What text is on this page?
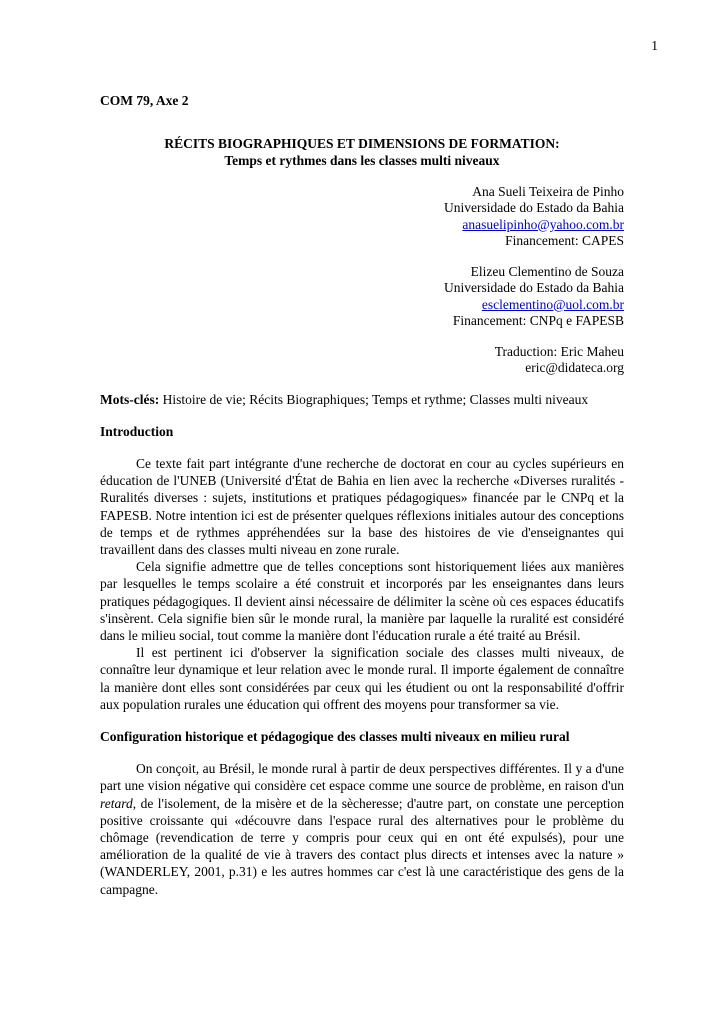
1

COM 79, Axe 2

RÉCITS BIOGRAPHIQUES ET DIMENSIONS DE FORMATION:

Temps et rythmes dans les classes multi niveaux

Ana Sueli Teixeira de Pinho

Universidade do Estado da Bahia

anasuelipinho@yahoo.com.br

Financement: CAPES

Elizeu Clementino de Souza

Universidade do Estado da Bahia

esclementino@uol.com.br

Financement: CNPq e FAPESB

Traduction: Eric Maheu

eric@didateca.org

Mots-clés: Histoire de vie; Récits Biographiques; Temps et rythme; Classes multi niveaux

Introduction

Ce texte fait part intégrante d'une recherche de doctorat en cour au cycles supérieurs en éducation de l'UNEB (Université d'État de Bahia en lien avec la recherche «Diverses ruralités -Ruralités diverses : sujets, institutions et pratiques pédagogiques» financée par le CNPq et la FAPESB. Notre intention ici est de présenter quelques réflexions initiales autour des conceptions de temps et de rythmes appréhendées sur la base des histoires de vie d'enseignantes qui travaillent dans des classes multi niveau en zone rurale.

Cela signifie admettre que de telles conceptions sont historiquement liées aux manières par lesquelles le temps scolaire a été construit et incorporés par les enseignantes dans leurs pratiques pédagogiques. Il devient ainsi nécessaire de délimiter la scène où ces espaces éducatifs s'insèrent. Cela signifie bien sûr le monde rural, la manière par laquelle la ruralité est considéré dans le milieu social, tout comme la manière dont l'éducation rurale a été traité au Brésil.

Il est pertinent ici d'observer la signification sociale des classes multi niveaux, de connaître leur dynamique et leur relation avec le monde rural. Il importe également de connaître la manière dont elles sont considérées par ceux qui les étudient ou ont la responsabilité d'offrir aux population rurales une éducation qui offrent des moyens pour transformer sa vie.

Configuration historique et pédagogique des classes multi niveaux en milieu rural

On conçoit, au Brésil, le monde rural à partir de deux perspectives différentes. Il y a d'une part une vision négative qui considère cet espace comme une source de problème, en raison d'un retard, de l'isolement, de la misère et de la sècheresse; d'autre part, on constate une perception positive croissante qui «découvre dans l'espace rural des alternatives pour le problème du chômage (revendication de terre y compris pour ceux qui en ont été expulsés), pour une amélioration de la qualité de vie à travers des contact plus directs et intenses avec la nature » (WANDERLEY, 2001, p.31) e les autres hommes car c'est là une caractéristique des gens de la campagne.
